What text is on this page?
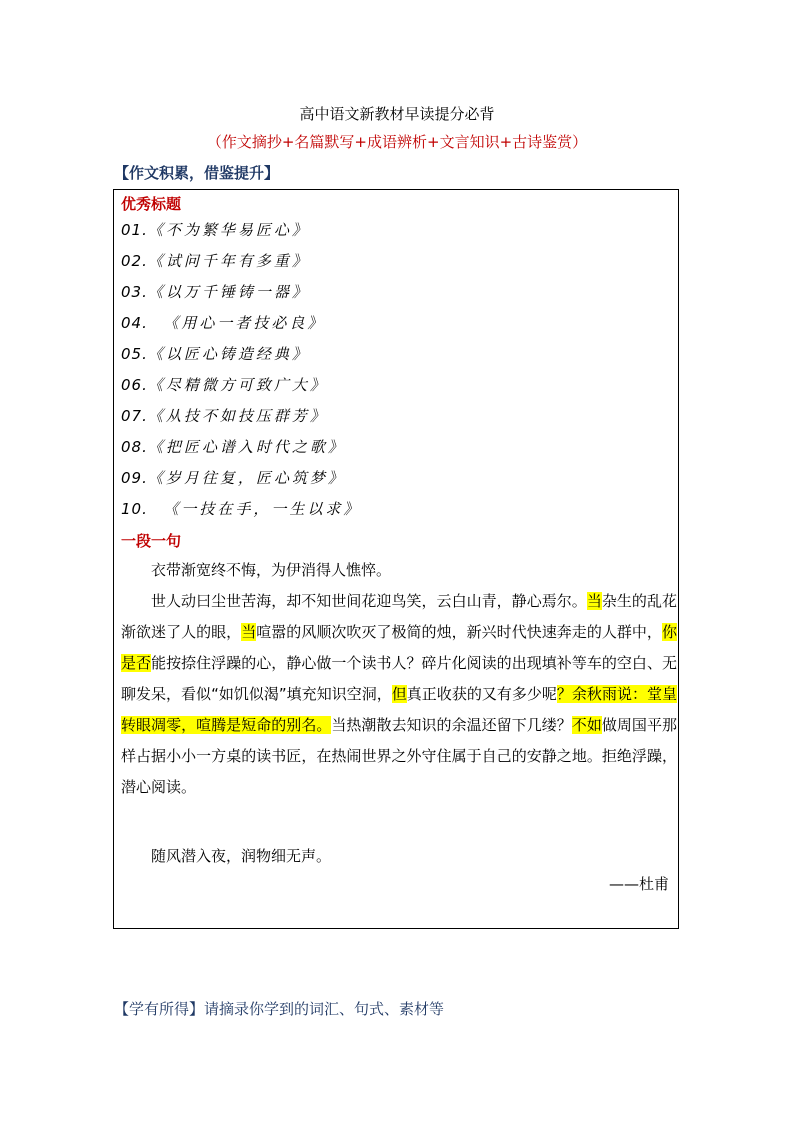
高中语文新教材早读提分必背
（作文摘抄+名篇默写+成语辨析+文言知识+古诗鉴赏）
【作文积累，借鉴提升】
优秀标题
01.《不为繁华易匠心》
02.《试问千年有多重》
03.《以万千锤铸一器》
04.  《用心一者技必良》
05.《以匠心铸造经典》
06.《尽精微方可致广大》
07.《从技不如技压群芳》
08.《把匠心谱入时代之歌》
09.《岁月往复，匠心筑梦》
10.  《一技在手，一生以求》
一段一句
衣带渐宽终不悔，为伊消得人憔悴。
世人动曰尘世苦海，却不知世间花迎鸟笑，云白山青，静心焉尔。当杂生的乱花渐欲迷了人的眼，当喧嚣的风顺次吹灭了极简的烛，新兴时代快速奔走的人群中，你是否能按捺住浮躁的心，静心做一个读书人？碎片化阅读的出现填补等车的空白、无聊发呆，看似“如饥似渴”填充知识空洞，但真正收获的又有多少呢？余秋雨说：堂皇转眼凋零，喧腾是短命的别名。当热潮散去知识的余温还留下几缕？不如做周国平那样占据小小一方桌的读书匠，在热闹世界之外守住属于自己的安静之地。拒绝浮躁，潜心阅读。
随风潜入夜，润物细无声。
——杜甫
【学有所得】请摘录你学到的词汇、句式、素材等
